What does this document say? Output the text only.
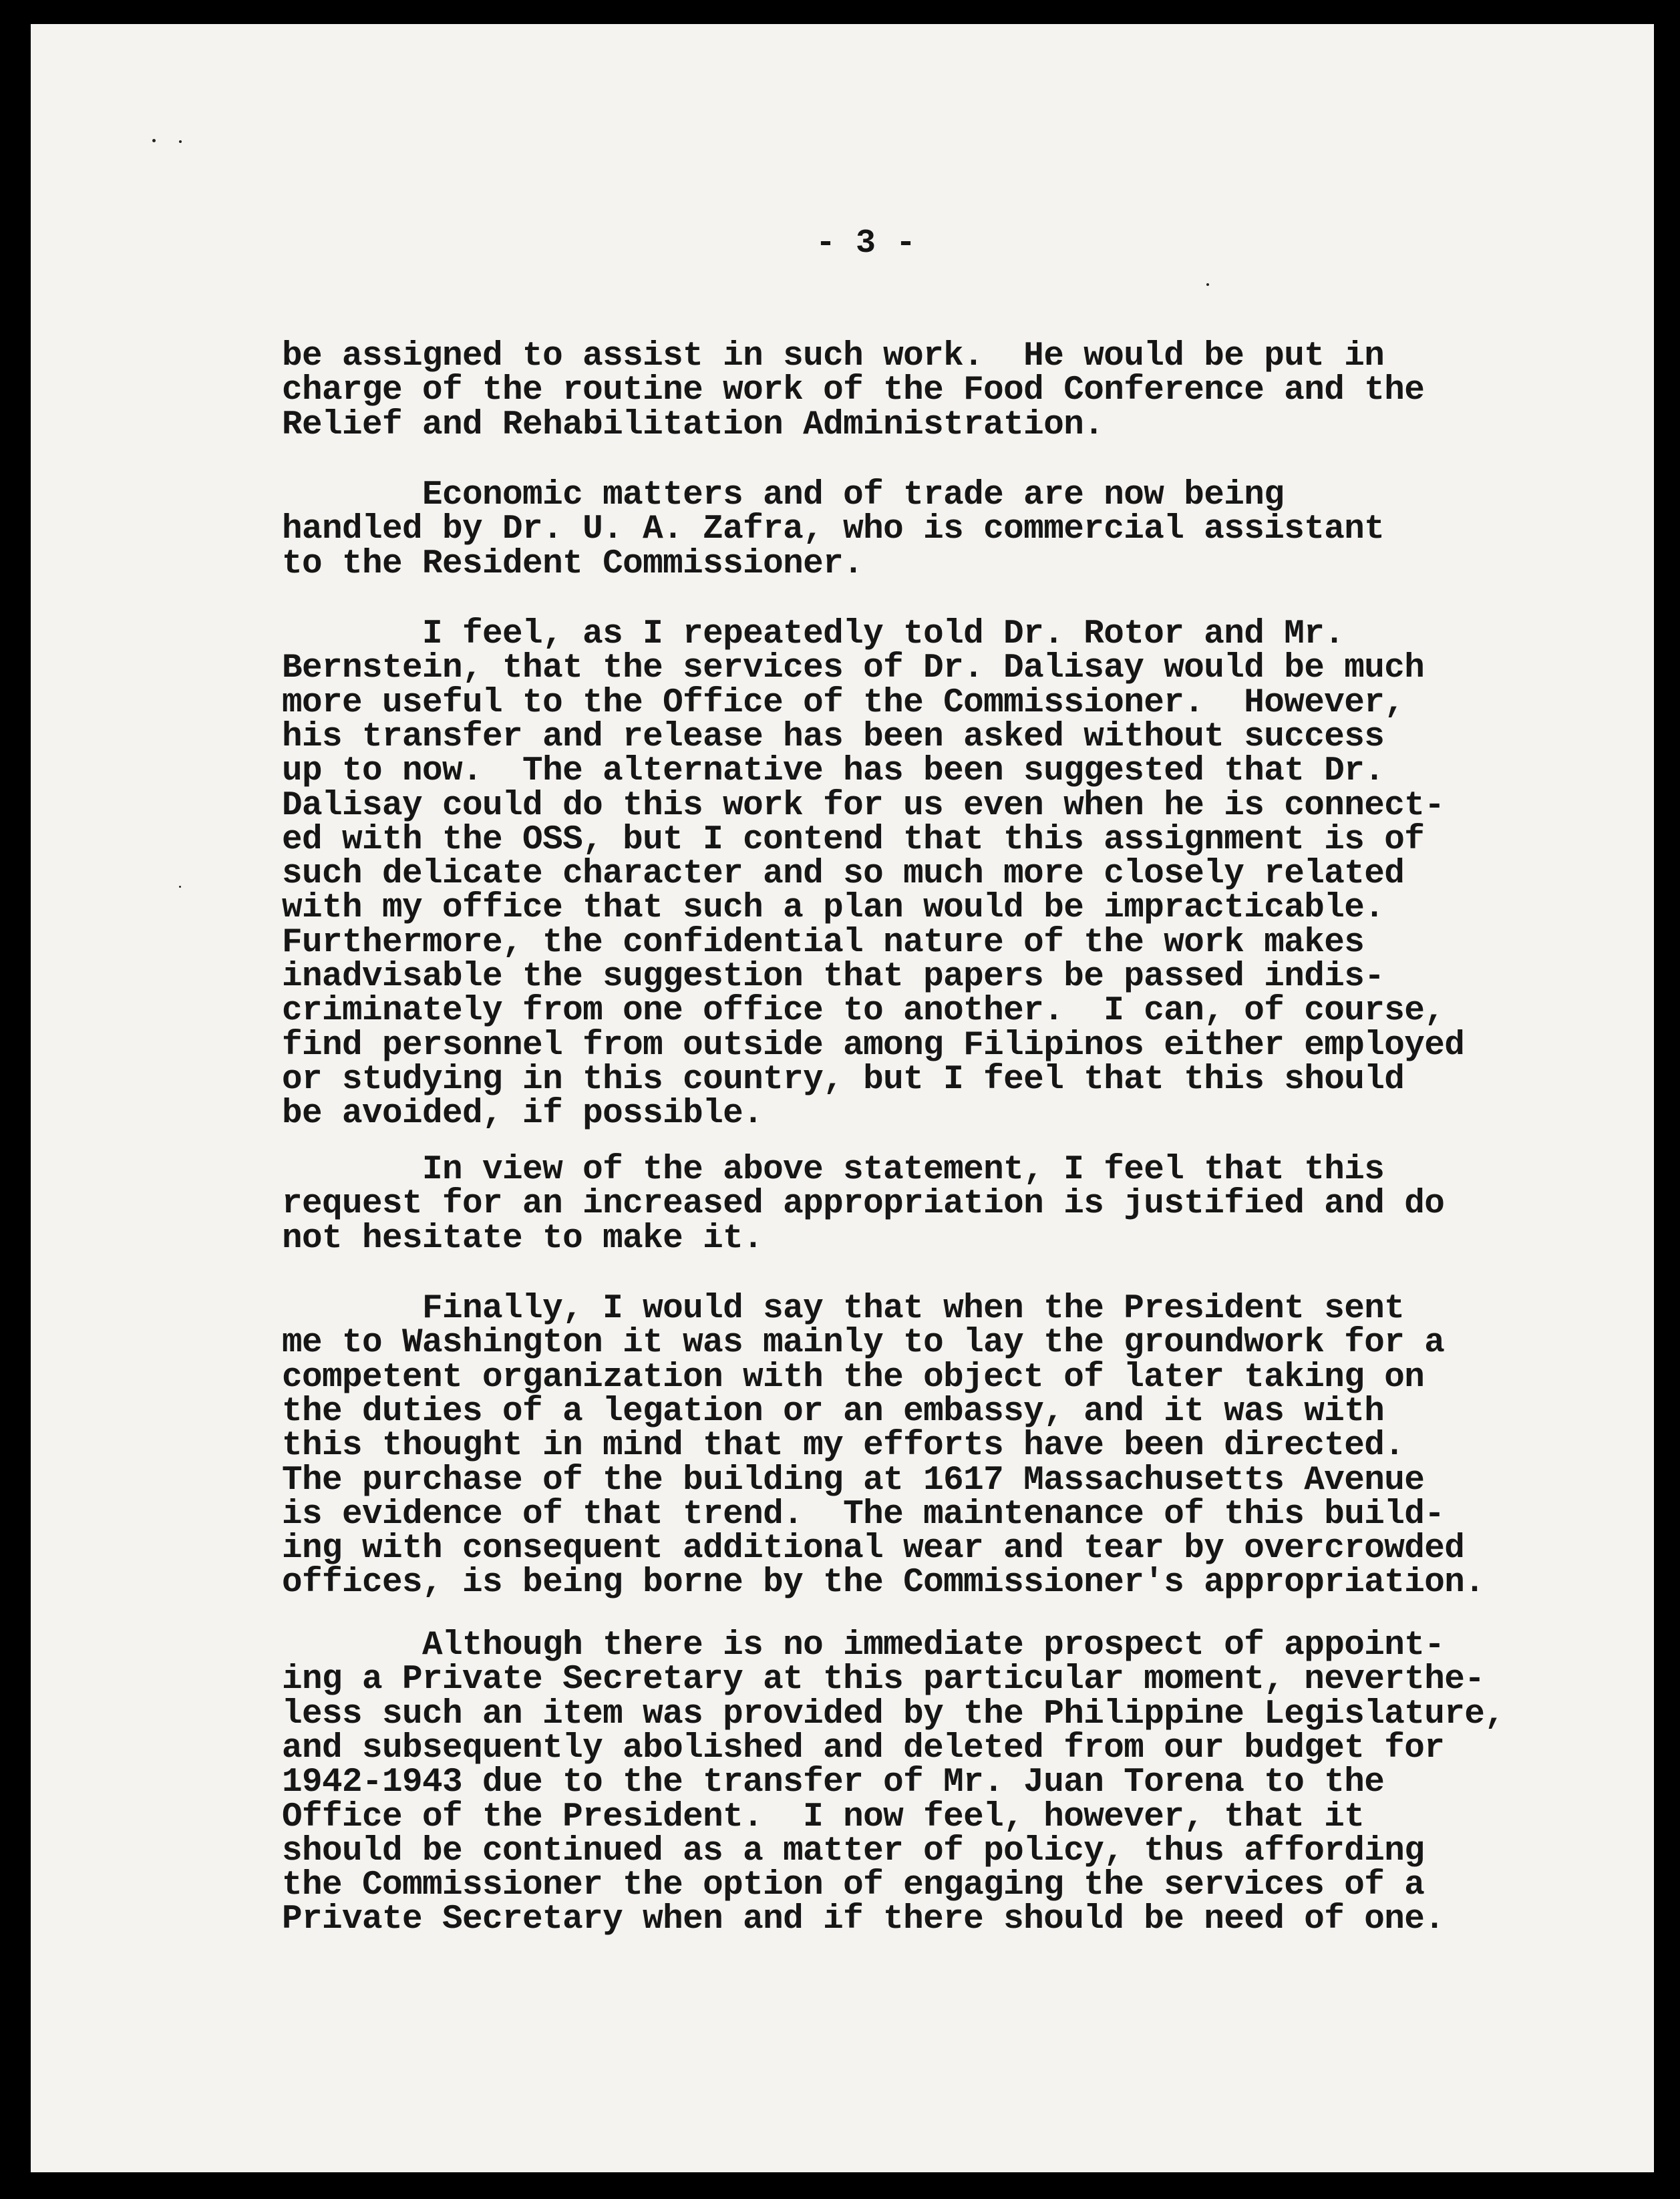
- 3 -
be assigned to assist in such work.  He would be put in
charge of the routine work of the Food Conference and the
Relief and Rehabilitation Administration.
Economic matters and of trade are now being
handled by Dr. U. A. Zafra, who is commercial assistant
to the Resident Commissioner.
I feel, as I repeatedly told Dr. Rotor and Mr.
Bernstein, that the services of Dr. Dalisay would be much
more useful to the Office of the Commissioner.  However,
his transfer and release has been asked without success
up to now.  The alternative has been suggested that Dr.
Dalisay could do this work for us even when he is connect-
ed with the OSS, but I contend that this assignment is of
such delicate character and so much more closely related
with my office that such a plan would be impracticable.
Furthermore, the confidential nature of the work makes
inadvisable the suggestion that papers be passed indis-
criminately from one office to another.  I can, of course,
find personnel from outside among Filipinos either employed
or studying in this country, but I feel that this should
be avoided, if possible.
In view of the above statement, I feel that this
request for an increased appropriation is justified and do
not hesitate to make it.
Finally, I would say that when the President sent
me to Washington it was mainly to lay the groundwork for a
competent organization with the object of later taking on
the duties of a legation or an embassy, and it was with
this thought in mind that my efforts have been directed.
The purchase of the building at 1617 Massachusetts Avenue
is evidence of that trend.  The maintenance of this build-
ing with consequent additional wear and tear by overcrowded
offices, is being borne by the Commissioner's appropriation.
Although there is no immediate prospect of appoint-
ing a Private Secretary at this particular moment, neverthe-
less such an item was provided by the Philippine Legislature,
and subsequently abolished and deleted from our budget for
1942-1943 due to the transfer of Mr. Juan Torena to the
Office of the President.  I now feel, however, that it
should be continued as a matter of policy, thus affording
the Commissioner the option of engaging the services of a
Private Secretary when and if there should be need of one.
